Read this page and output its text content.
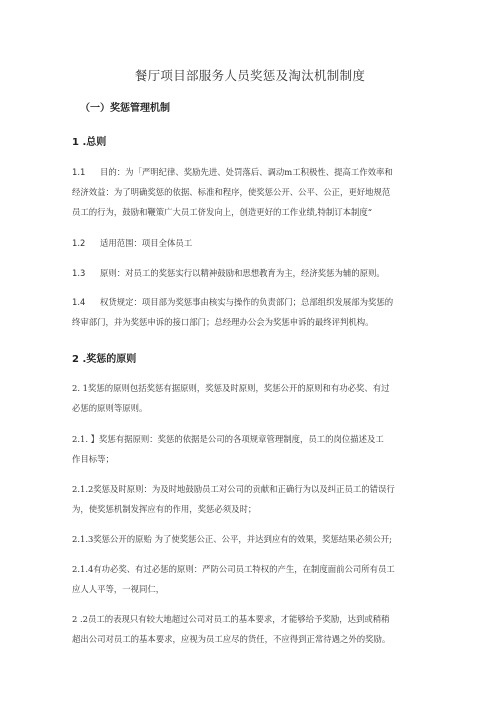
餐厅项目部服务人员奖惩及淘汰机制制度
（一）奖惩管理机制
1 .总则
1.1 目的：为「严明纪律、奖励先进、处罚落后、调动m工积极性、提高工作效率和
经济效益：为了明确奖惩的依据、标准和程序，使奖惩公开、公平、公正，更好地规范
员工的行为，鼓励和鞭策广大员工侪发向上，创造更好的工作业绩,特制订本制度“
1.2 适用范围：项目全体员工
1.3 原则：对员工的奖惩实行以精神鼓励和思想教育为主，经济奖惩为辅的原则。
1.4 权货规定：项目部为奖惩事由核实与操作的负责部门；总部组织发展部为奖惩的
终审部门，并为奖惩申诉的接口部门；总经理办公会为奖惩申诉的最终评判机构。
2 .奖惩的原则
2. 1奖惩的原则包括奖惩有据原则，奖惩及时原则，奖惩公开的原则和有功必奖、有过
必惩的原则等原则。
2.1. 】奖惩有据原则：奖惩的依据是公司的各项规章管理制度，员工的岗位描述及工
作目标等；
2.1.2奖惩及时原则：为及时地鼓励员工对公司的贡献和正确行为以及纠正员工的错误行
为，使奖惩机制发挥应有的作用，奖惩必须及时；
2.1.3奖惩公开的原贻 为了使奖惩公正、公平，并达到应有的效果，奖惩结果必须公开;
2.1.4有功必奖、有过必惩的原则：严防公司员工特权的产生，在制度面前公司所有员工
应人人平等，一视同仁，
2 .2员工的表现只有较大地超过公司对员工的基本要求，才能够给予奖励，达到或稍稍
超出公司对员工的基本要求，应视为员工应尽的货任，不应得到正常待遇之外的奖励。
